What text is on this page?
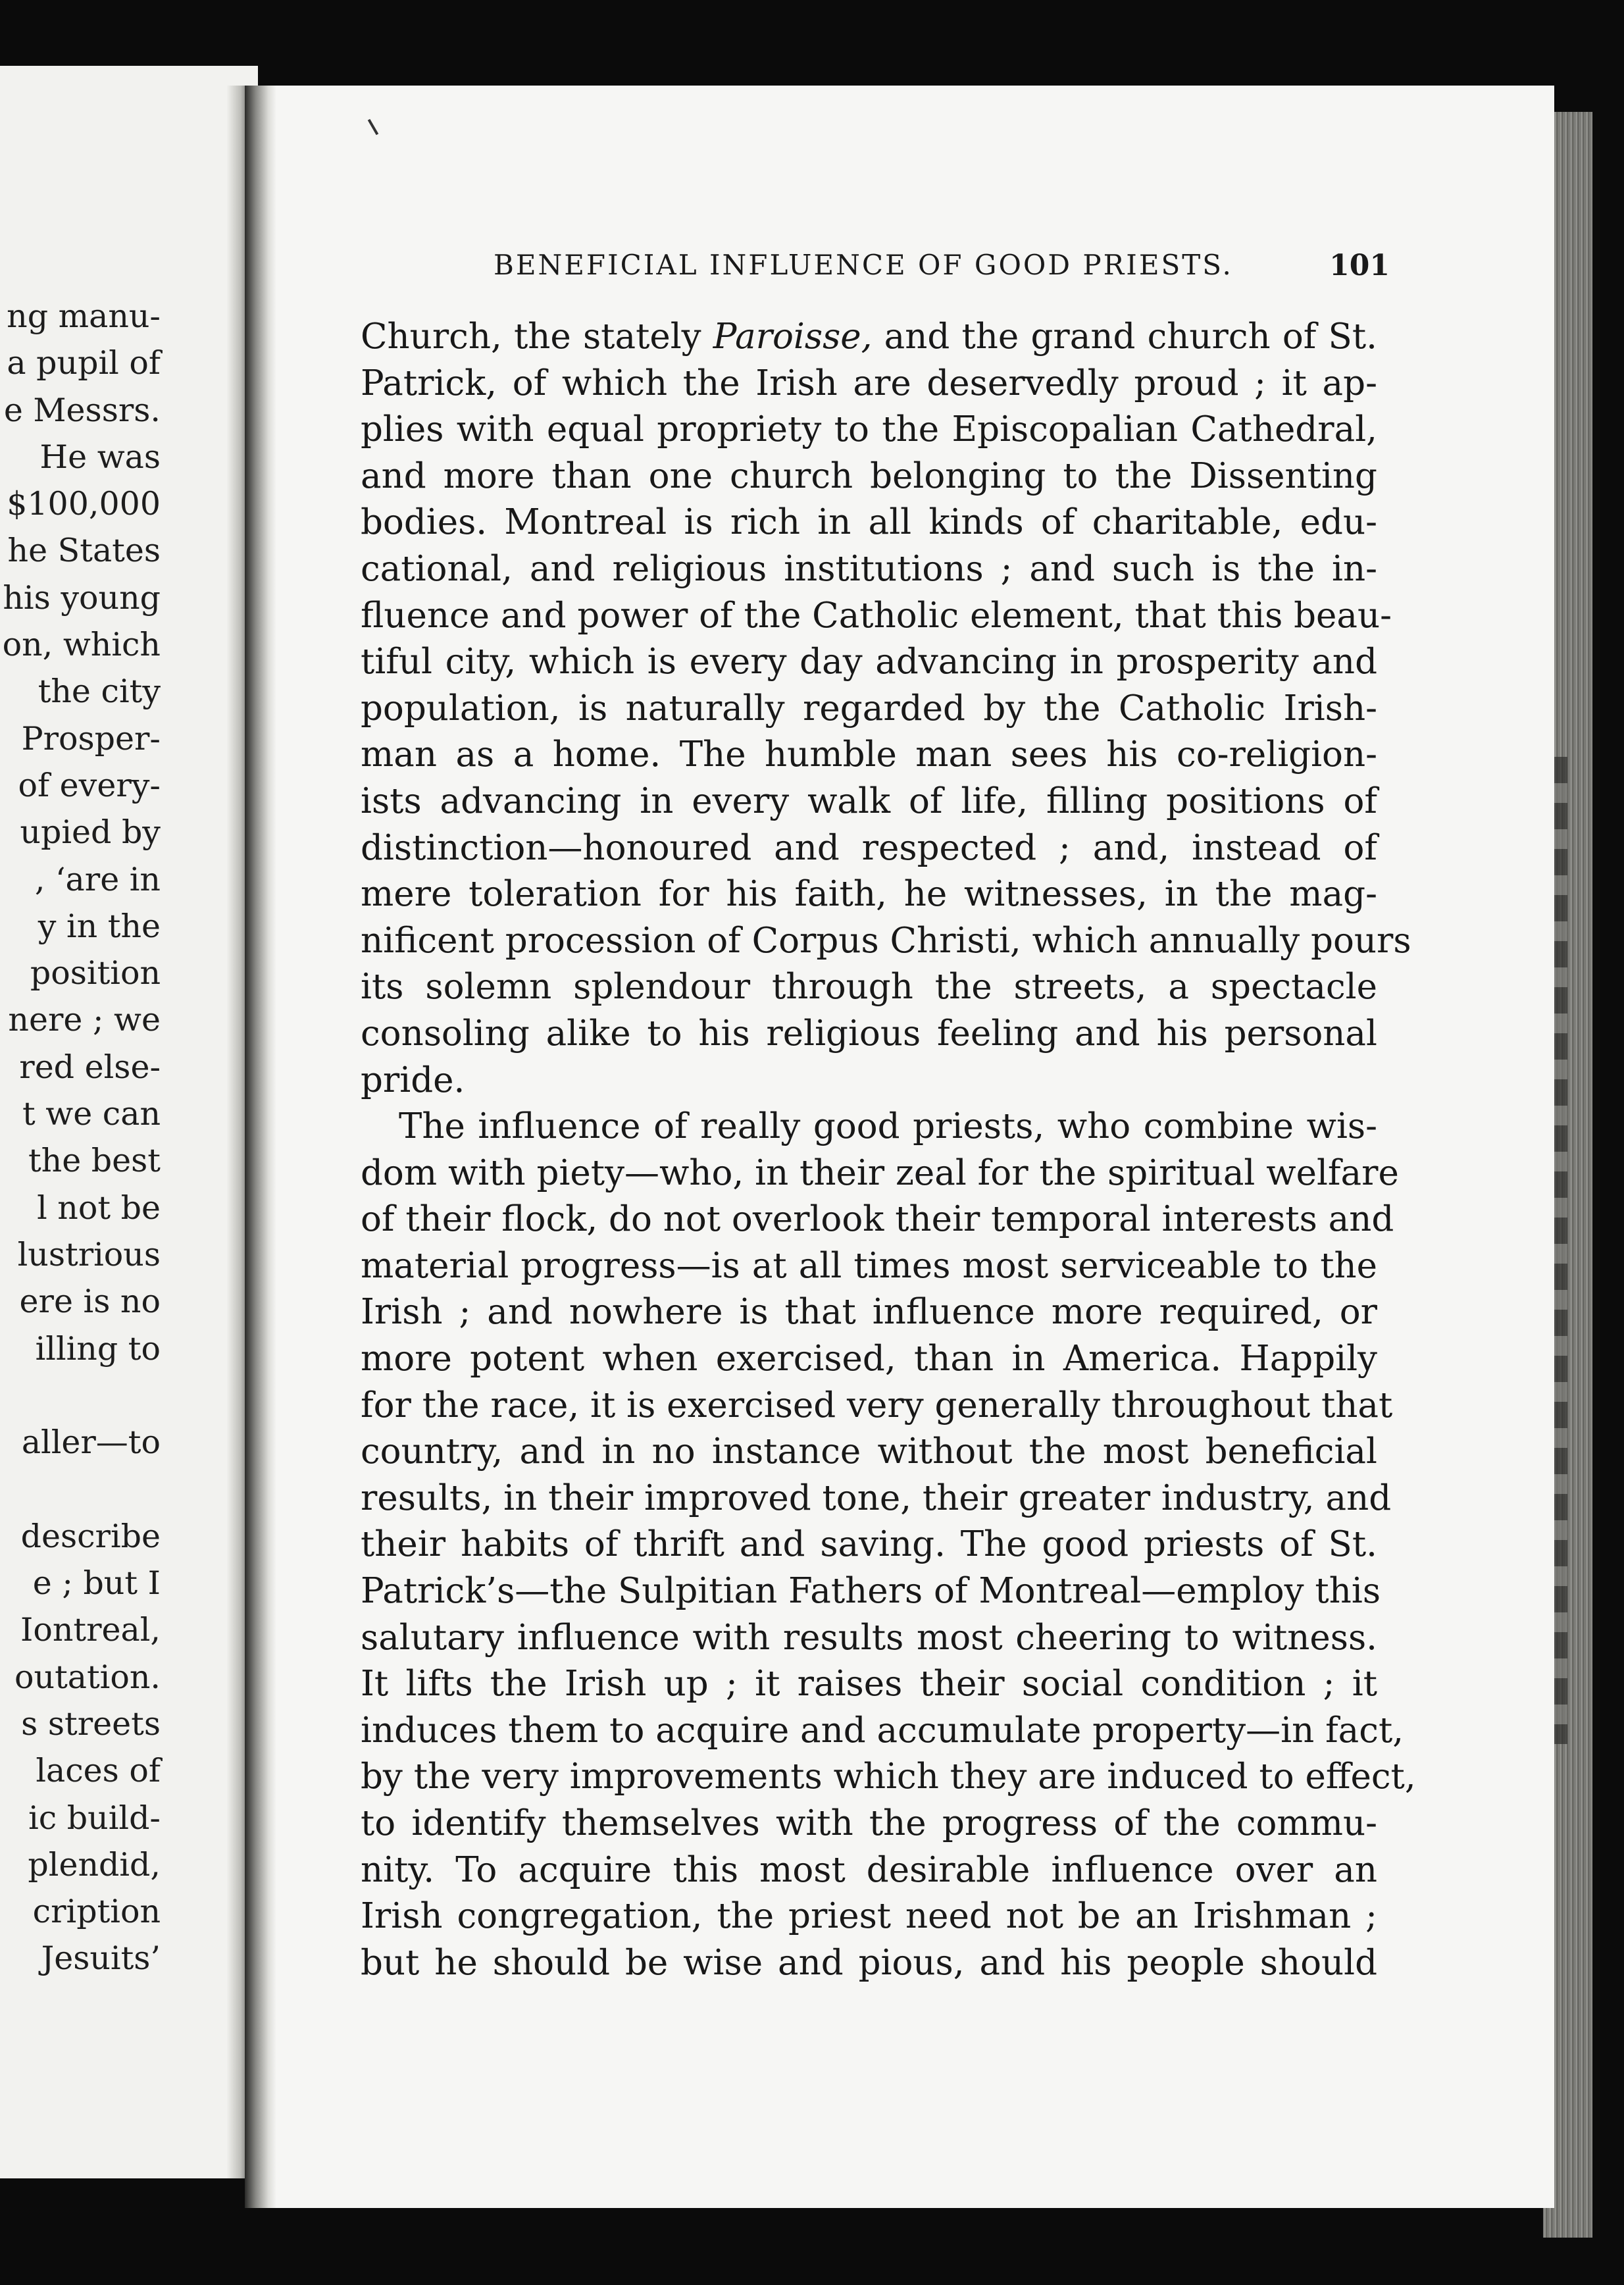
ng manu-
a pupil of
e Messrs.
He was
$100,000
he States
his young
on, which
the city
Prosper-
of every-
upied by
, ‘are in
y in the
position
nere ; we
red else-
t we can
the best
l not be
lustrious
ere is no
illing to
aller—to
describe
e ; but I
Iontreal,
outation.
s streets
laces of
ic build-
plendid,
cription
Jesuits’
BENEFICIAL INFLUENCE OF GOOD PRIESTS.	101
Church, the stately Paroisse, and the grand church of St.
Patrick, of which the Irish are deservedly proud ; it ap-
plies with equal propriety to the Episcopalian Cathedral,
and more than one church belonging to the Dissenting
bodies. Montreal is rich in all kinds of charitable, edu-
cational, and religious institutions ; and such is the in-
fluence and power of the Catholic element, that this beau-
tiful city, which is every day advancing in prosperity and
population, is naturally regarded by the Catholic Irish-
man as a home. The humble man sees his co-religion-
ists advancing in every walk of life, filling positions of
distinction—honoured and respected ; and, instead of
mere toleration for his faith, he witnesses, in the mag-
nificent procession of Corpus Christi, which annually pours
its solemn splendour through the streets, a spectacle
consoling alike to his religious feeling and his personal
pride.
The influence of really good priests, who combine wis-
dom with piety—who, in their zeal for the spiritual welfare
of their flock, do not overlook their temporal interests and
material progress—is at all times most serviceable to the
Irish ; and nowhere is that influence more required, or
more potent when exercised, than in America. Happily
for the race, it is exercised very generally throughout that
country, and in no instance without the most beneficial
results, in their improved tone, their greater industry, and
their habits of thrift and saving. The good priests of St.
Patrick’s—the Sulpitian Fathers of Montreal—employ this
salutary influence with results most cheering to witness.
It lifts the Irish up ; it raises their social condition ; it
induces them to acquire and accumulate property—in fact,
by the very improvements which they are induced to effect,
to identify themselves with the progress of the commu-
nity. To acquire this most desirable influence over an
Irish congregation, the priest need not be an Irishman ;
but he should be wise and pious, and his people should
